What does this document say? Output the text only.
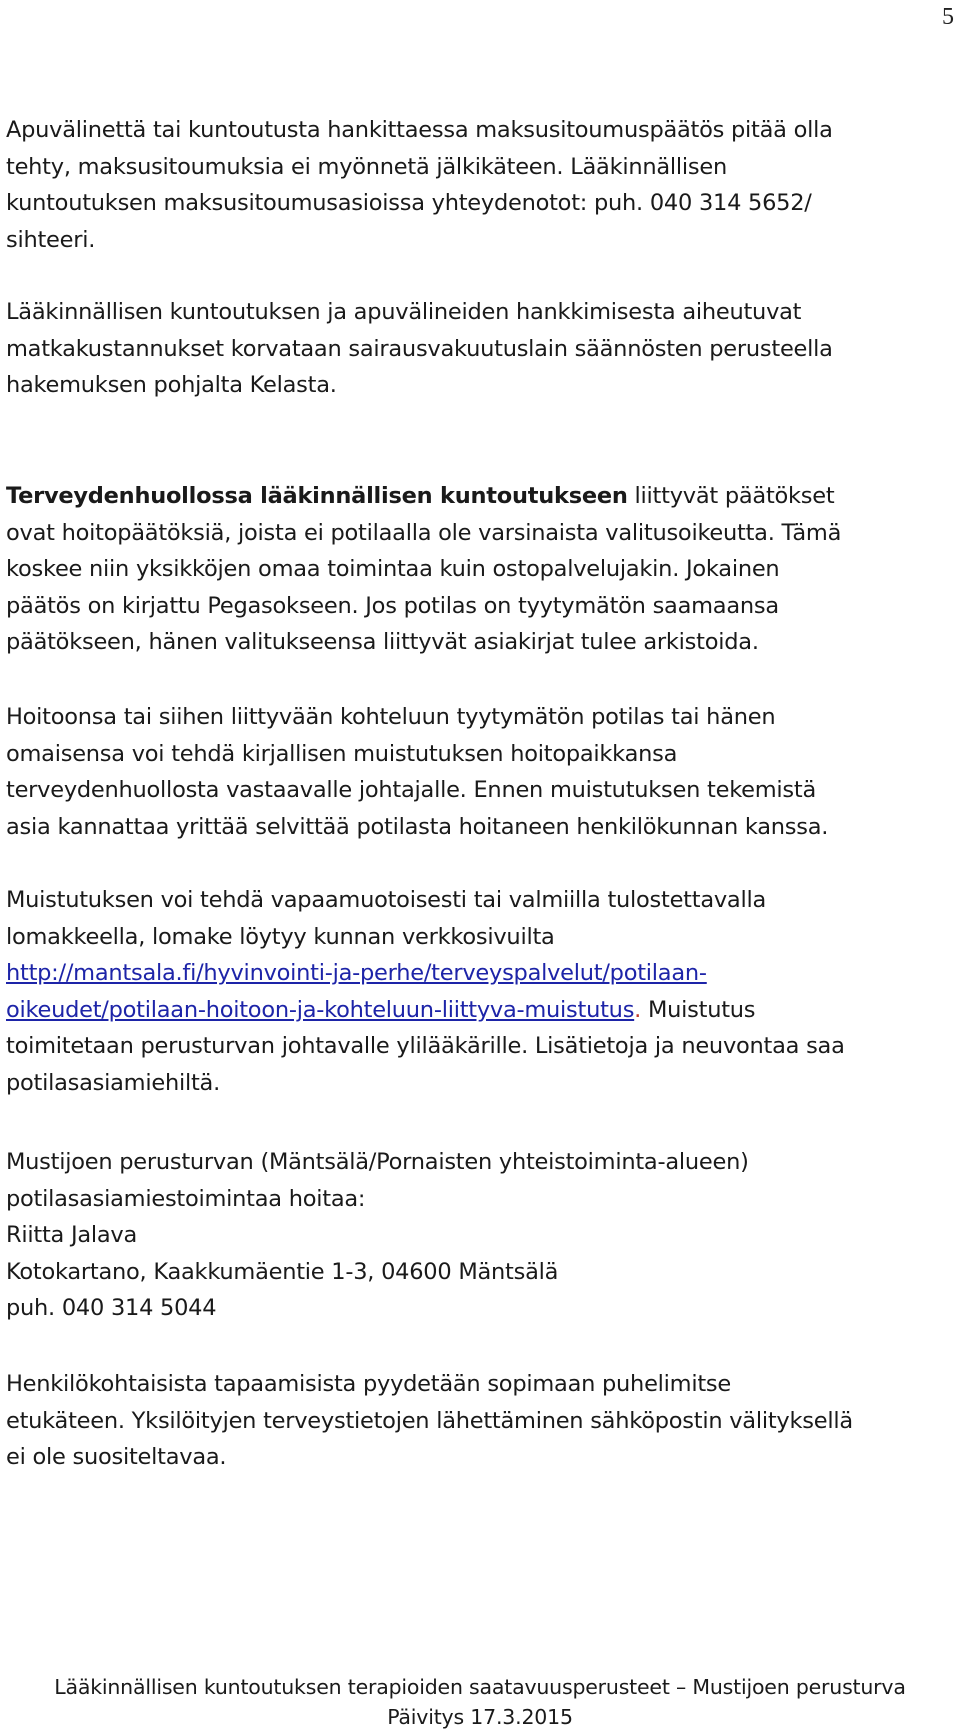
5

Apuvälinettä tai kuntoutusta hankittaessa maksusitoumuspäätös pitää olla
tehty, maksusitoumuksia ei myönnetä jälkikäteen. Lääkinnällisen
kuntoutuksen maksusitoumusasioissa yhteydenotot: puh. 040 314 5652/
sihteeri.

Lääkinnällisen kuntoutuksen ja apuvälineiden hankkimisesta aiheutuvat
matkakustannukset korvataan sairausvakuutuslain säännösten perusteella
hakemuksen pohjalta Kelasta.

Terveydenhuollossa lääkinnällisen kuntoutukseen liittyvät päätökset
ovat hoitopäätöksiä, joista ei potilaalla ole varsinaista valitusoikeutta. Tämä
koskee niin yksikköjen omaa toimintaa kuin ostopalvelujakin. Jokainen
päätös on kirjattu Pegasokseen. Jos potilas on tyytymätön saamaansa
päätökseen, hänen valitukseensa liittyvät asiakirjat tulee arkistoida.

Hoitoonsa tai siihen liittyvään kohteluun tyytymätön potilas tai hänen
omaisensa voi tehdä kirjallisen muistutuksen hoitopaikkansa
terveydenhuollosta vastaavalle johtajalle. Ennen muistutuksen tekemistä
asia kannattaa yrittää selvittää potilasta hoitaneen henkilökunnan kanssa.

Muistutuksen voi tehdä vapaamuotoisesti tai valmiilla tulostettavalla
lomakkeella, lomake löytyy kunnan verkkosivuilta
http://mantsala.fi/hyvinvointi-ja-perhe/terveyspalvelut/potilaan-
oikeudet/potilaan-hoitoon-ja-kohteluun-liittyva-muistutus. Muistutus
toimitetaan perusturvan johtavalle ylilääkärille. Lisätietoja ja neuvontaa saa
potilasasiamiehiltä.

Mustijoen perusturvan (Mäntsälä/Pornaisten yhteistoiminta-alueen)
potilasasiamiestoimintaa hoitaa:
Riitta Jalava
Kotokartano, Kaakkumäentie 1-3, 04600 Mäntsälä
puh. 040 314 5044

Henkilökohtaisista tapaamisista pyydetään sopimaan puhelimitse
etukäteen. Yksilöityjen terveystietojen lähettäminen sähköpostin välityksellä
ei ole suositeltavaa.

Lääkinnällisen kuntoutuksen terapioiden saatavuusperusteet – Mustijoen perusturva
Päivitys 17.3.2015
